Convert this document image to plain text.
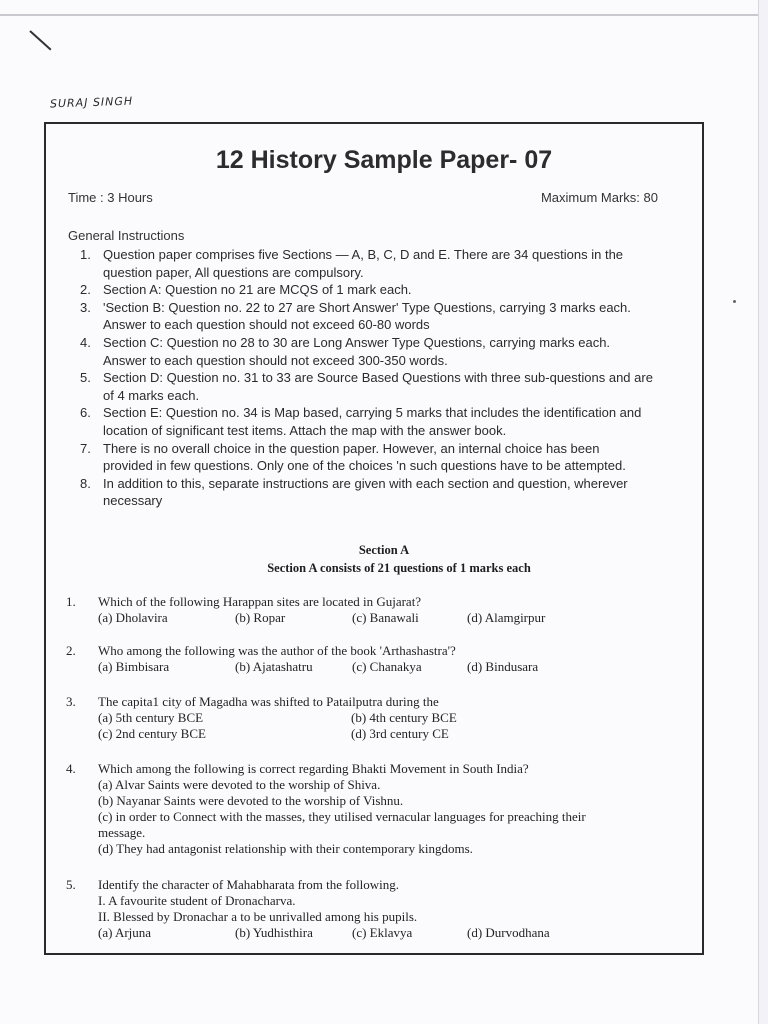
SURAJ SINGH
12 History Sample Paper- 07
Time : 3 Hours	Maximum Marks: 80
General Instructions
1. Question paper comprises five Sections — A, B, C, D and E. There are 34 questions in the
question paper, All questions are compulsory.
2. Section A: Question no 21 are MCQS of 1 mark each.
3. 'Section B: Question no. 22 to 27 are Short Answer' Type Questions, carrying 3 marks each.
Answer to each question should not exceed 60-80 words
4. Section C: Question no 28 to 30 are Long Answer Type Questions, carrying marks each.
Answer to each question should not exceed 300-350 words.
5. Section D: Question no. 31 to 33 are Source Based Questions with three sub-questions and are
of 4 marks each.
6. Section E: Question no. 34 is Map based, carrying 5 marks that includes the identification and
location of significant test items. Attach the map with the answer book.
7. There is no overall choice in the question paper. However, an internal choice has been
provided in few questions. Only one of the choices 'n such questions have to be attempted.
8. In addition to this, separate instructions are given with each section and question, wherever
necessary
Section A
Section A consists of 21 questions of 1 marks each
1. Which of the following Harappan sites are located in Gujarat?
(a) Dholavira	(b) Ropar	(c) Banawali	(d) Alamgirpur
2. Who among the following was the author of the book 'Arthashastra'?
(a) Bimbisara	(b) Ajatashatru	(c) Chanakya	(d) Bindusara
3. The capita1 city of Magadha was shifted to Patailputra during the
(a) 5th century BCE	(b) 4th century BCE
(c) 2nd century BCE	(d) 3rd century CE
4. Which among the following is correct regarding Bhakti Movement in South India?
(a) Alvar Saints were devoted to the worship of Shiva.
(b) Nayanar Saints were devoted to the worship of Vishnu.
(c) in order to Connect with the masses, they utilised vernacular languages for preaching their
message.
(d) They had antagonist relationship with their contemporary kingdoms.
5. Identify the character of Mahabharata from the following.
I. A favourite student of Dronacharva.
II. Blessed by Dronachar a to be unrivalled among his pupils.
(a) Arjuna	(b) Yudhisthira	(c) Eklavya	(d) Durvodhana
